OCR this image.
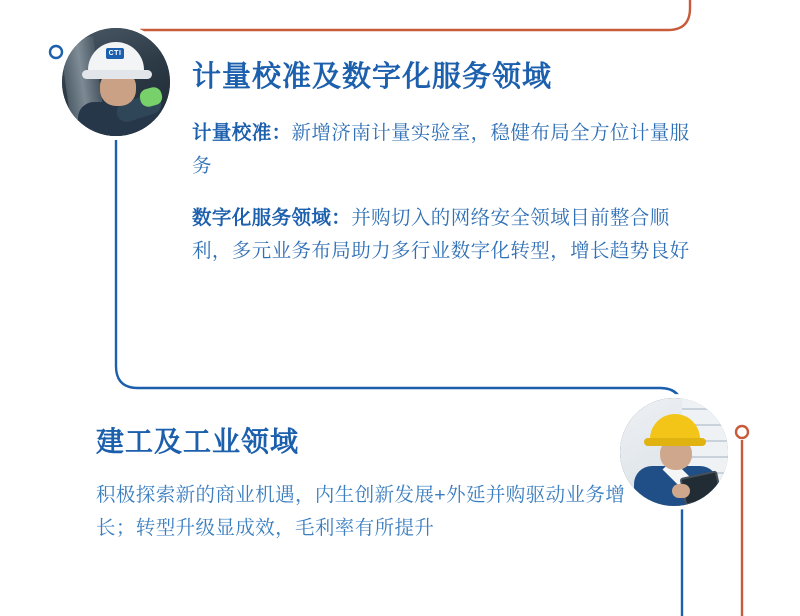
CTI
计量校准及数字化服务领域

计量校准：新增济南计量实验室，稳健布局全方位计量服务

数字化服务领域：并购切入的网络安全领域目前整合顺利，多元业务布局助力多行业数字化转型，增长趋势良好

建工及工业领域

积极探索新的商业机遇，内生创新发展+外延并购驱动业务增长；转型升级显成效，毛利率有所提升
